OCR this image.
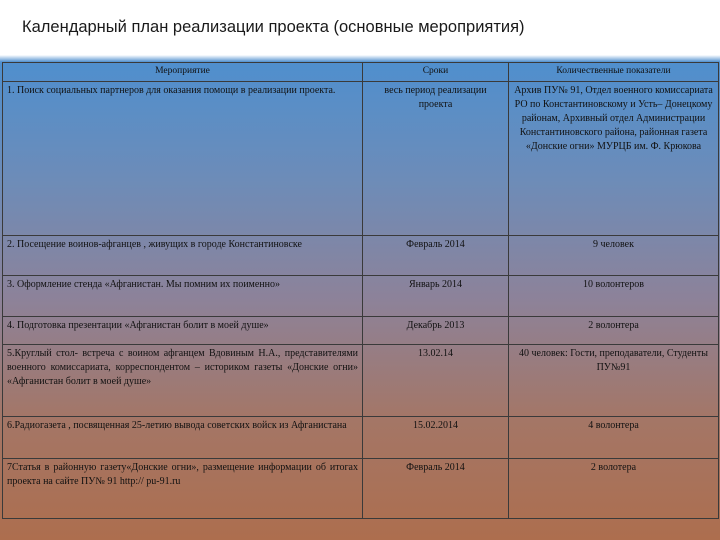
Календарный план реализации проекта (основные мероприятия)
Мероприятие	Сроки	Количественные показатели
1. Поиск социальных партнеров для оказания помощи в реализации проекта.	весь период реализации проекта	Архив ПУ№ 91, Отдел военного комиссариата РО по Константиновскому и Усть– Донецкому районам, Архивный отдел Администрации Константиновского района, районная газета «Донские огни» МУРЦБ им. Ф. Крюкова
2. Посещение воинов-афганцев , живущих в городе Константиновске	Февраль 2014	9 человек
3. Оформление стенда «Афганистан. Мы помним их поименно»	Январь 2014	10 волонтеров
4. Подготовка презентации «Афганистан болит в моей душе»	Декабрь 2013	2 волонтера
5.Круглый стол- встреча с воином афганцем Вдовиным Н.А., представителями военного комиссариата, корреспондентом – историком газеты «Донские огни» «Афганистан болит в моей душе»	13.02.14	40 человек: Гости, преподаватели, Студенты ПУ№91
6.Радиогазета , посвященная 25-летию вывода советских войск из Афганистана	15.02.2014	4 волонтера
7Статья в районную газету«Донские огни», размещение информации об итогах проекта на сайте ПУ№ 91 http:// pu-91.ru	Февраль 2014	2 волотера
